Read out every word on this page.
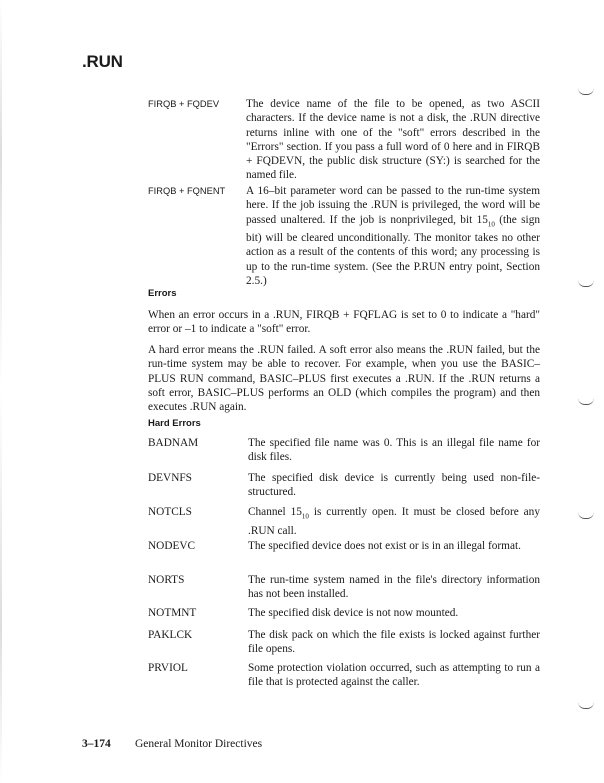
.RUN
FIRQB + FQDEV	The device name of the file to be opened, as two ASCII characters. If the device name is not a disk, the .RUN directive returns inline with one of the "soft" errors described in the "Errors" section. If you pass a full word of 0 here and in FIRQB + FQDEVN, the public disk structure (SY:) is searched for the named file.
FIRQB + FQNENT	A 16–bit parameter word can be passed to the run-time system here. If the job issuing the .RUN is privileged, the word will be passed unaltered. If the job is nonprivileged, bit $15_{10}$ (the sign bit) will be cleared unconditionally. The monitor takes no other action as a result of the contents of this word; any processing is up to the run-time system. (See the P.RUN entry point, Section 2.5.)
Errors

When an error occurs in a .RUN, FIRQB + FQFLAG is set to 0 to indicate a "hard" error or –1 to indicate a "soft" error.

A hard error means the .RUN failed. A soft error also means the .RUN failed, but the run-time system may be able to recover. For example, when you use the BASIC–PLUS RUN command, BASIC–PLUS first executes a .RUN. If the .RUN returns a soft error, BASIC–PLUS performs an OLD (which compiles the program) and then executes .RUN again.

Hard Errors
BADNAM	The specified file name was 0. This is an illegal file name for disk files.
DEVNFS	The specified disk device is currently being used non-file-structured.
NOTCLS	Channel $15_{10}$ is currently open. It must be closed before any .RUN call.
NODEVC	The specified device does not exist or is in an illegal format.
NORTS	The run-time system named in the file's directory information has not been installed.
NOTMNT	The specified disk device is not now mounted.
PAKLCK	The disk pack on which the file exists is locked against further file opens.
PRVIOL	Some protection violation occurred, such as attempting to run a file that is protected against the caller.
3–174	General Monitor Directives
